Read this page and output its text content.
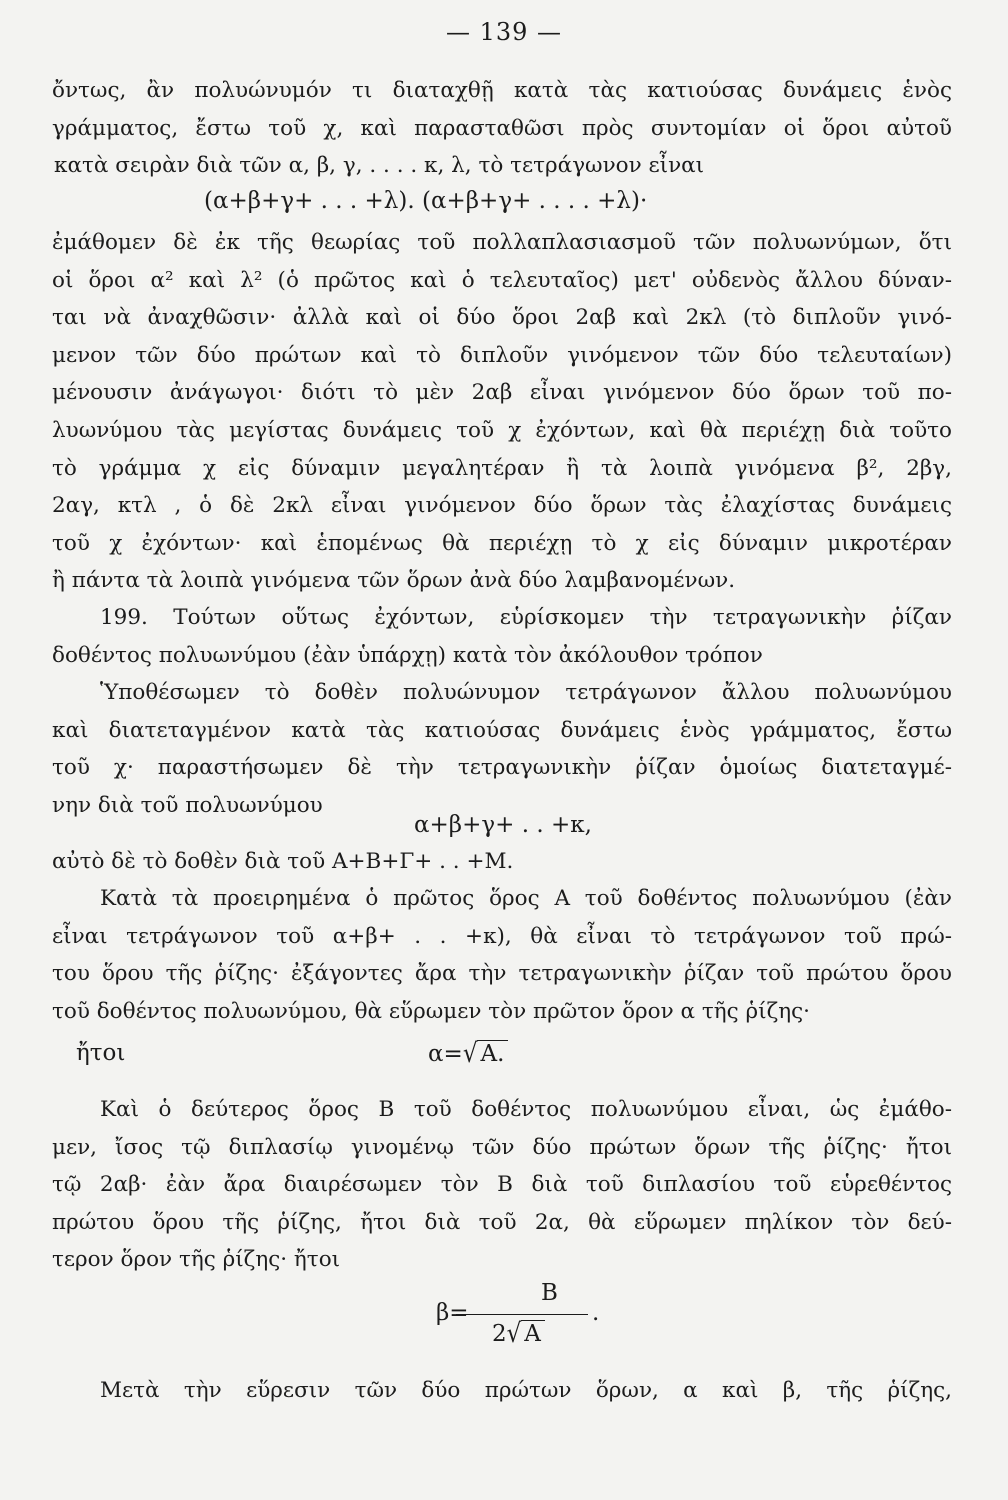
— 139 —
ὄντως, ἂν πολυώνυμόν τι διαταχθῇ κατὰ τὰς κατιούσας δυνάμεις ἑνὸς
γράμματος, ἔστω τοῦ χ, καὶ παρασταθῶσι πρὸς συντομίαν οἱ ὅροι αὐτοῦ
κατὰ σειρὰν διὰ τῶν α, β, γ, . . . . κ, λ, τὸ τετράγωνον εἶναι
(α+β+γ+ . . . +λ). (α+β+γ+ . . . . +λ)·
ἐμάθομεν δὲ ἐκ τῆς θεωρίας τοῦ πολλαπλασιασμοῦ τῶν πολυωνύμων, ὅτι
οἱ ὅροι α² καὶ λ² (ὁ πρῶτος καὶ ὁ τελευταῖος) μετ' οὐδενὸς ἄλλου δύναν-
ται νὰ ἀναχθῶσιν· ἀλλὰ καὶ οἱ δύο ὅροι 2αβ καὶ 2κλ (τὸ διπλοῦν γινό-
μενον τῶν δύο πρώτων καὶ τὸ διπλοῦν γινόμενον τῶν δύο τελευταίων)
μένουσιν ἀνάγωγοι· διότι τὸ μὲν 2αβ εἶναι γινόμενον δύο ὅρων τοῦ πο-
λυωνύμου τὰς μεγίστας δυνάμεις τοῦ χ ἐχόντων, καὶ θὰ περιέχῃ διὰ τοῦτο
τὸ γράμμα χ εἰς δύναμιν μεγαλητέραν ἢ τὰ λοιπὰ γινόμενα β², 2βγ,
2αγ, κτλ , ὁ δὲ 2κλ εἶναι γινόμενον δύο ὅρων τὰς ἐλαχίστας δυνάμεις
τοῦ χ ἐχόντων· καὶ ἑπομένως θὰ περιέχῃ τὸ χ εἰς δύναμιν μικροτέραν
ἢ πάντα τὰ λοιπὰ γινόμενα τῶν ὅρων ἀνὰ δύο λαμβανομένων.
199. Τούτων οὕτως ἐχόντων, εὑρίσκομεν τὴν τετραγωνικὴν ῥίζαν
δοθέντος πολυωνύμου (ἐὰν ὑπάρχῃ) κατὰ τὸν ἀκόλουθον τρόπον
Ὑποθέσωμεν τὸ δοθὲν πολυώνυμον τετράγωνον ἄλλου πολυωνύμου
καὶ διατεταγμένον κατὰ τὰς κατιούσας δυνάμεις ἑνὸς γράμματος, ἔστω
τοῦ χ· παραστήσωμεν δὲ τὴν τετραγωνικὴν ῥίζαν ὁμοίως διατεταγμέ-
νην διὰ τοῦ πολυωνύμου
α+β+γ+ . . +κ,
αὐτὸ δὲ τὸ δοθὲν διὰ τοῦ Α+Β+Γ+ . . +Μ.
Κατὰ τὰ προειρημένα ὁ πρῶτος ὅρος Α τοῦ δοθέντος πολυωνύμου (ἐὰν
εἶναι τετράγωνον τοῦ α+β+ . . +κ), θὰ εἶναι τὸ τετράγωνον τοῦ πρώ-
του ὅρου τῆς ῥίζης· ἐξάγοντες ἄρα τὴν τετραγωνικὴν ῥίζαν τοῦ πρώτου ὅρου
τοῦ δοθέντος πολυωνύμου, θὰ εὕρωμεν τὸν πρῶτον ὅρον α τῆς ῥίζης·
ἤτοι	α=√ Α.
Καὶ ὁ δεύτερος ὅρος Β τοῦ δοθέντος πολυωνύμου εἶναι, ὡς ἐμάθο-
μεν, ἴσος τῷ διπλασίῳ γινομένῳ τῶν δύο πρώτων ὅρων τῆς ῥίζης· ἤτοι
τῷ 2αβ· ἐὰν ἄρα διαιρέσωμεν τὸν Β διὰ τοῦ διπλασίου τοῦ εὑρεθέντος
πρώτου ὅρου τῆς ῥίζης, ἤτοι διὰ τοῦ 2α, θὰ εὕρωμεν πηλίκον τὸν δεύ-
τερον ὅρον τῆς ῥίζης· ἤτοι
β=
Β
.
2√ Α
Μετὰ τὴν εὕρεσιν τῶν δύο πρώτων ὅρων, α καὶ β, τῆς ῥίζης,
